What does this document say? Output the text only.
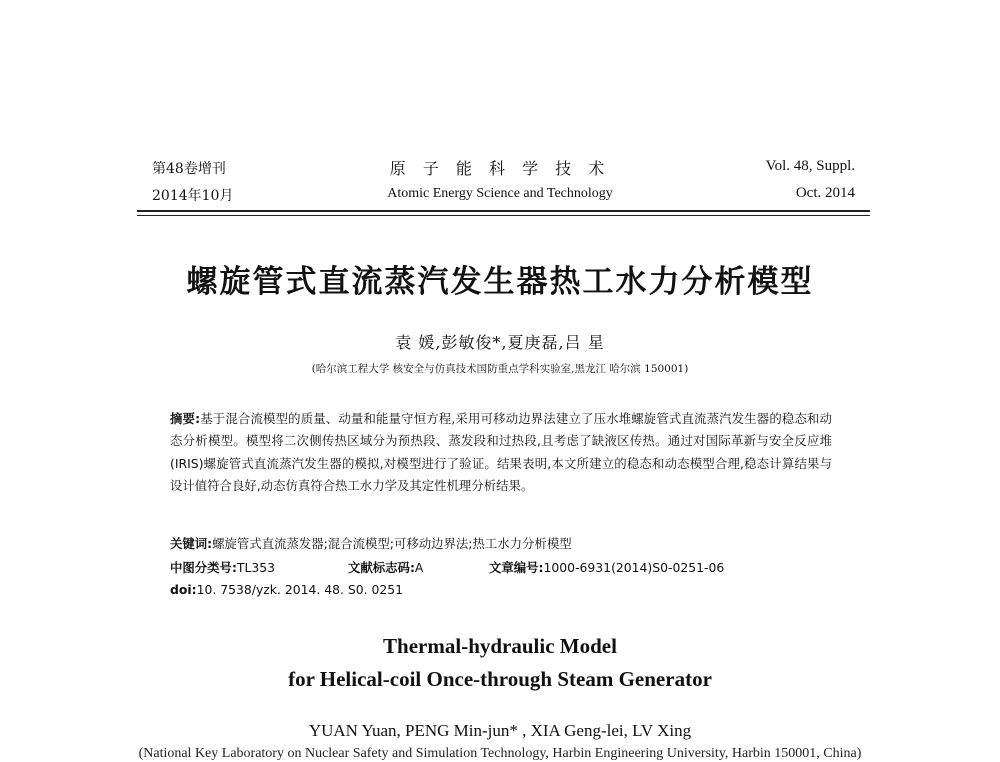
第48卷增刊
2014年10月
原 子 能 科 学 技 术
Atomic Energy Science and Technology
Vol. 48, Suppl.
Oct. 2014
螺旋管式直流蒸汽发生器热工水力分析模型
袁 媛,彭敏俊*,夏庚磊,吕 星
(哈尔滨工程大学 核安全与仿真技术国防重点学科实验室,黑龙江 哈尔滨 150001)
摘要:基于混合流模型的质量、动量和能量守恒方程,采用可移动边界法建立了压水堆螺旋管式直流蒸汽发生器的稳态和动态分析模型。模型将二次侧传热区域分为预热段、蒸发段和过热段,且考虑了缺液区传热。通过对国际革新与安全反应堆(IRIS)螺旋管式直流蒸汽发生器的模拟,对模型进行了验证。结果表明,本文所建立的稳态和动态模型合理,稳态计算结果与设计值符合良好,动态仿真符合热工水力学及其定性机理分析结果。
关键词:螺旋管式直流蒸发器;混合流模型;可移动边界法;热工水力分析模型
中图分类号:TL353	文献标志码:A	文章编号:1000-6931(2014)S0-0251-06
doi:10. 7538/yzk. 2014. 48. S0. 0251
Thermal-hydraulic Model
for Helical-coil Once-through Steam Generator
YUAN Yuan, PENG Min-jun* , XIA Geng-lei, LV Xing
(National Key Laboratory on Nuclear Safety and Simulation Technology, Harbin Engineering University, Harbin 150001, China)
